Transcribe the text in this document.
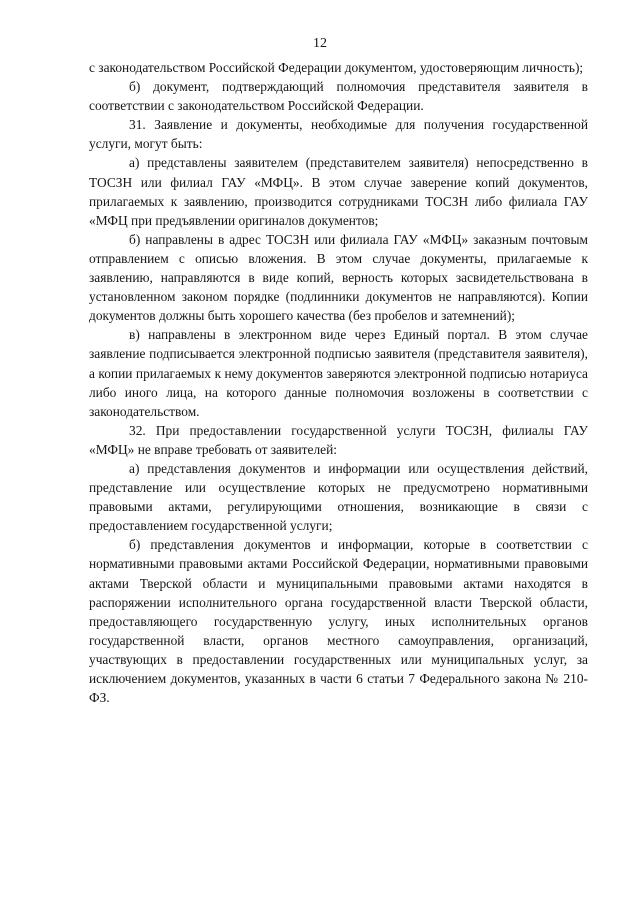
12

с законодательством Российской Федерации документом, удостоверяющим личность);

б) документ, подтверждающий полномочия представителя заявителя в соответствии с законодательством Российской Федерации.

31. Заявление и документы, необходимые для получения государственной услуги, могут быть:

а) представлены заявителем (представителем заявителя) непосредственно в ТОСЗН или филиал ГАУ «МФЦ». В этом случае заверение копий документов, прилагаемых к заявлению, производится сотрудниками ТОСЗН либо филиала ГАУ «МФЦ при предъявлении оригиналов документов;

б) направлены в адрес ТОСЗН или филиала ГАУ «МФЦ» заказным почтовым отправлением с описью вложения. В этом случае документы, прилагаемые к заявлению, направляются в виде копий, верность которых засвидетельствована в установленном законом порядке (подлинники документов не направляются). Копии документов должны быть хорошего качества (без пробелов и затемнений);

в) направлены в электронном виде через Единый портал. В этом случае заявление подписывается электронной подписью заявителя (представителя заявителя), а копии прилагаемых к нему документов заверяются электронной подписью нотариуса либо иного лица, на которого данные полномочия возложены в соответствии с законодательством.

32. При предоставлении государственной услуги ТОСЗН, филиалы ГАУ «МФЦ» не вправе требовать от заявителей:

а) представления документов и информации или осуществления действий, представление или осуществление которых не предусмотрено нормативными правовыми актами, регулирующими отношения, возникающие в связи с предоставлением государственной услуги;

б) представления документов и информации, которые в соответствии с нормативными правовыми актами Российской Федерации, нормативными правовыми актами Тверской области и муниципальными правовыми актами находятся в распоряжении исполнительного органа государственной власти Тверской области, предоставляющего государственную услугу, иных исполнительных органов государственной власти, органов местного самоуправления, организаций, участвующих в предоставлении государственных или муниципальных услуг, за исключением документов, указанных в части 6 статьи 7 Федерального закона № 210-ФЗ.
